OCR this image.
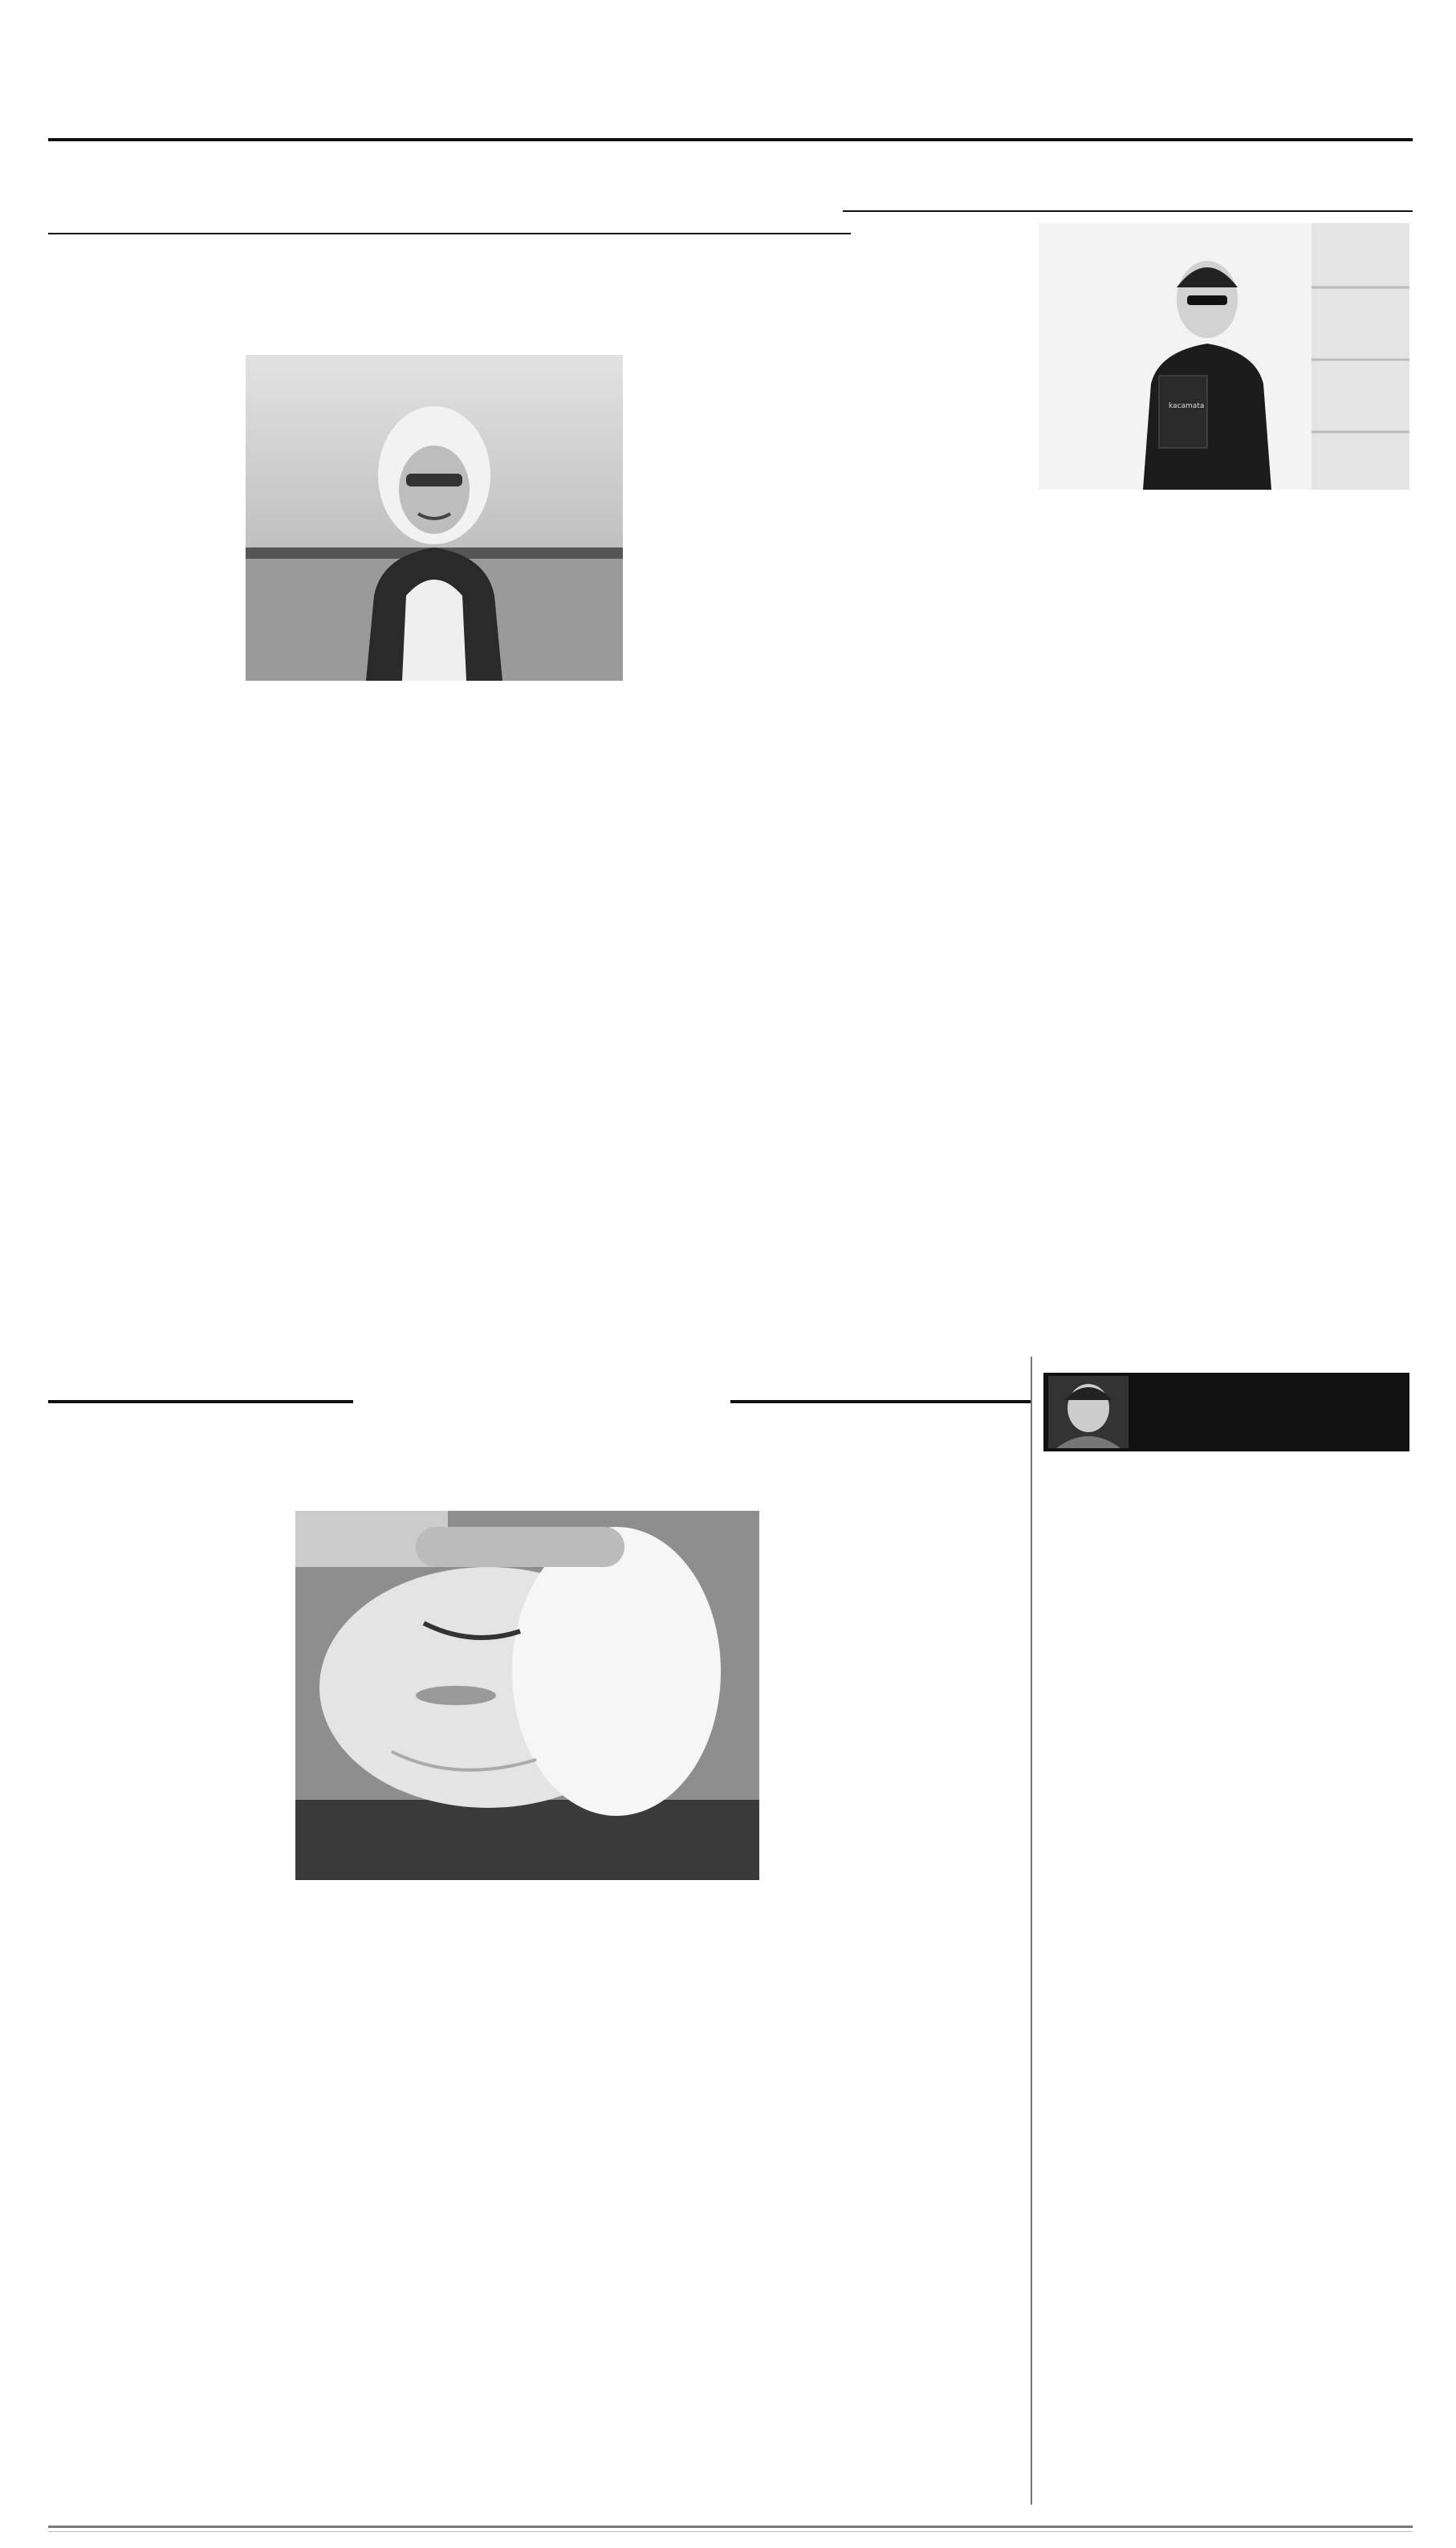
kacamata
